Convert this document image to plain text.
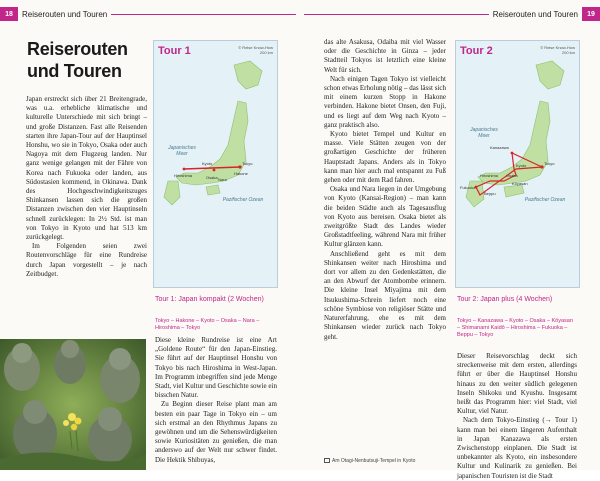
18	Reiserouten und Touren
Reiserouten
und Touren

Japan erstreckt sich über 21 Breitengrade, was u.a. erhebliche klimatische und kulturelle Unterschiede mit sich bringt – und große Distanzen. Fast alle Reisenden starten ihre Japan-Tour auf der Hauptinsel Honshu, wo sie in Tokyo, Osaka oder auch Nagoya mit dem Flugzeug landen. Nur ganz wenige gelangen mit der Fähre von Korea nach Fukuoka oder landen, aus Südostasien kommend, in Okinawa. Dank des Hochgeschwindigkeitszuges Shinkansen lassen sich die großen Distanzen zwischen den vier Hauptinseln schnell zurücklegen: In 2½ Std. ist man von Tokyo in Kyoto und hat 513 km zurückgelegt.

Im Folgenden seien zwei Routenvorschläge für eine Rundreise durch Japan vorgestellt – je nach Zeitbudget.

Tour 1	© Reise Know-How
200 km
Japanisches Meer
Pazifischer Ozean
Tokyo
Kyoto
Osaka Nara
Hiroshima	Hakone
Tour 1: Japan kompakt (2 Wochen)
Tokyo – Hakone – Kyoto – Osaka – Nara – Hiroshima – Tokyo

Diese kleine Rundreise ist eine Art „Goldene Route“ für den Japan-Einstieg. Sie führt auf der Hauptinsel Honshu von Tokyo bis nach Hiroshima in West-Japan. Im Programm inbegriffen sind jede Menge Stadt, viel Kultur und Geschichte sowie ein bisschen Natur.

Zu Beginn dieser Reise plant man am besten ein paar Tage in Tokyo ein – um sich erstmal an den Rhythmus Japans zu gewöhnen und um die Sehenswürdigkeiten sowie Kuriositäten zu genießen, die man anderswo auf der Welt nur schwer findet. Die Hektik Shibuyas,

Reiserouten und Touren	19

das alte Asakusa, Odaiba mit viel Wasser oder die Geschichte in Ginza – jeder Stadtteil Tokyos ist letztlich eine kleine Welt für sich.

Nach einigen Tagen Tokyo ist vielleicht schon etwas Erholung nötig – das lässt sich mit einem kurzen Stopp in Hakone verbinden. Hakone bietet Onsen, den Fuji, und es liegt auf dem Weg nach Kyoto – ganz praktisch also.

Kyoto bietet Tempel und Kultur en masse. Viele Stätten zeugen von der großartigen Geschichte der früheren Hauptstadt Japans. Anders als in Tokyo kann man hier auch mal entspannt zu Fuß gehen oder mit dem Rad fahren.

Osaka und Nara liegen in der Umgebung von Kyoto (Kansai-Region) – man kann die beiden Städte auch als Tagesausflug von Kyoto aus bereisen. Osaka bietet als zweitgrößte Stadt des Landes wieder Großstadtfeeling, während Nara mit früher Kultur glänzen kann.

Anschließend geht es mit dem Shinkansen weiter nach Hiroshima und dort vor allem zu den Gedenkstätten, die an den Abwurf der Atombombe erinnern. Die kleine Insel Miyajima mit dem Itsukushima-Schrein liefert noch eine schöne Symbiose von religiöser Stätte und Naturerfahrung, ehe es mit dem Shinkansen wieder zurück nach Tokyo geht.

Am Otagi-Nenbutsuji-Tempel in Kyoto
Tour 2	© Reise Know-How
200 km
Japanisches Meer
Pazifischer Ozean
Kanazawa
Tokyo
Kyoto
Osaka
Kōyasan
Hiroshima
Fukuoka
Beppu
Tour 2: Japan plus (4 Wochen)
Tokyo – Kanazawa – Kyoto – Osaka – Kōyasan – Shimanami Kaidō – Hiroshima – Fukuoka – Beppu – Tokyo

Dieser Reisevorschlag deckt sich streckenweise mit dem ersten, allerdings führt er über die Hauptinsel Honshu hinaus zu den weiter südlich gelegenen Inseln Shikoku und Kyushu. Insgesamt heißt das Programm hier: viel Stadt, viel Kultur, viel Natur.

Nach dem Tokyo-Einstieg (→ Tour 1) kann man bei einem längeren Aufenthalt in Japan Kanazawa als ersten Zwischenstopp einplanen. Die Stadt ist unbekannter als Kyoto, ein insbesondere Kultur und Kulinarik zu genießen. Bei japanischen Touristen ist die Stadt
